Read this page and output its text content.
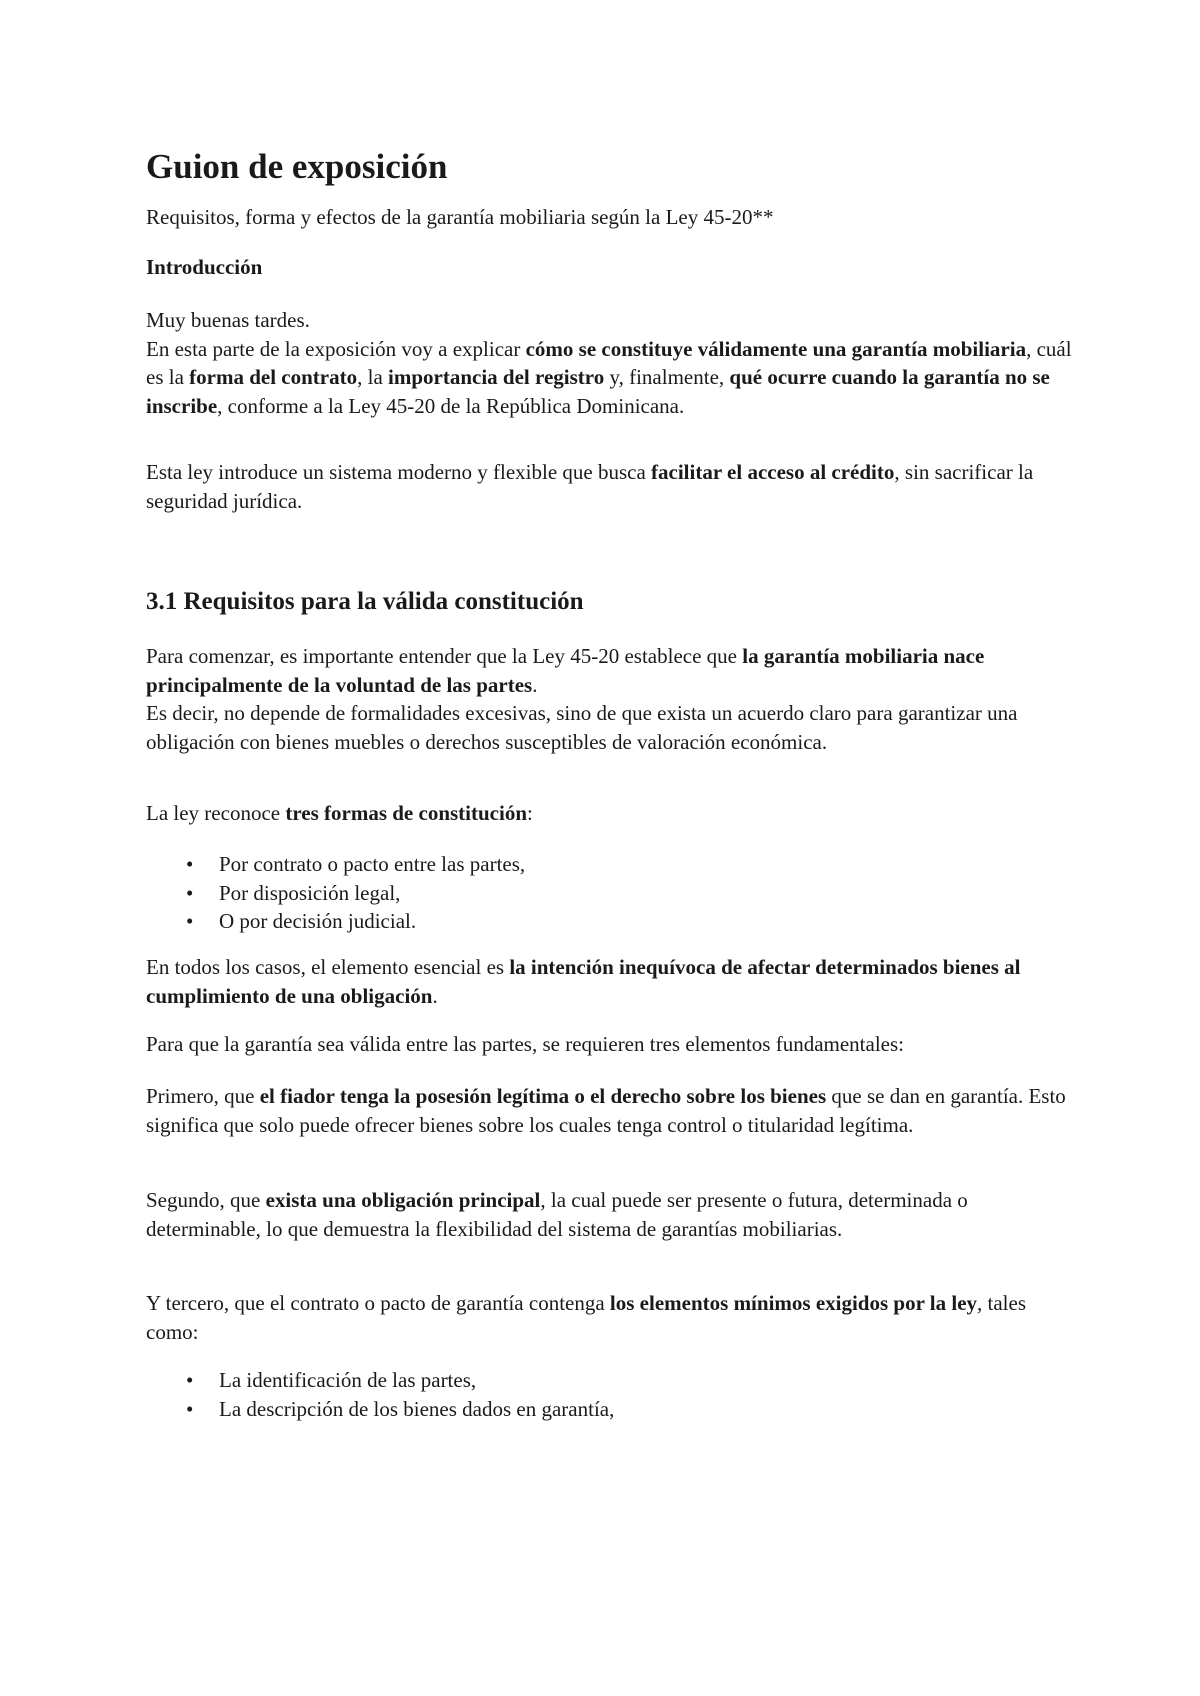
Guion de exposición

Requisitos, forma y efectos de la garantía mobiliaria según la Ley 45-20**

Introducción

Muy buenas tardes.
En esta parte de la exposición voy a explicar cómo se constituye válidamente una garantía mobiliaria, cuál es la forma del contrato, la importancia del registro y, finalmente, qué ocurre cuando la garantía no se inscribe, conforme a la Ley 45-20 de la República Dominicana.

Esta ley introduce un sistema moderno y flexible que busca facilitar el acceso al crédito, sin sacrificar la seguridad jurídica.

3.1 Requisitos para la válida constitución

Para comenzar, es importante entender que la Ley 45-20 establece que la garantía mobiliaria nace principalmente de la voluntad de las partes.
Es decir, no depende de formalidades excesivas, sino de que exista un acuerdo claro para garantizar una obligación con bienes muebles o derechos susceptibles de valoración económica.

La ley reconoce tres formas de constitución:

• Por contrato o pacto entre las partes,
• Por disposición legal,
• O por decisión judicial.

En todos los casos, el elemento esencial es la intención inequívoca de afectar determinados bienes al cumplimiento de una obligación.

Para que la garantía sea válida entre las partes, se requieren tres elementos fundamentales:

Primero, que el fiador tenga la posesión legítima o el derecho sobre los bienes que se dan en garantía. Esto significa que solo puede ofrecer bienes sobre los cuales tenga control o titularidad legítima.

Segundo, que exista una obligación principal, la cual puede ser presente o futura, determinada o determinable, lo que demuestra la flexibilidad del sistema de garantías mobiliarias.

Y tercero, que el contrato o pacto de garantía contenga los elementos mínimos exigidos por la ley, tales como:

• La identificación de las partes,
• La descripción de los bienes dados en garantía,
